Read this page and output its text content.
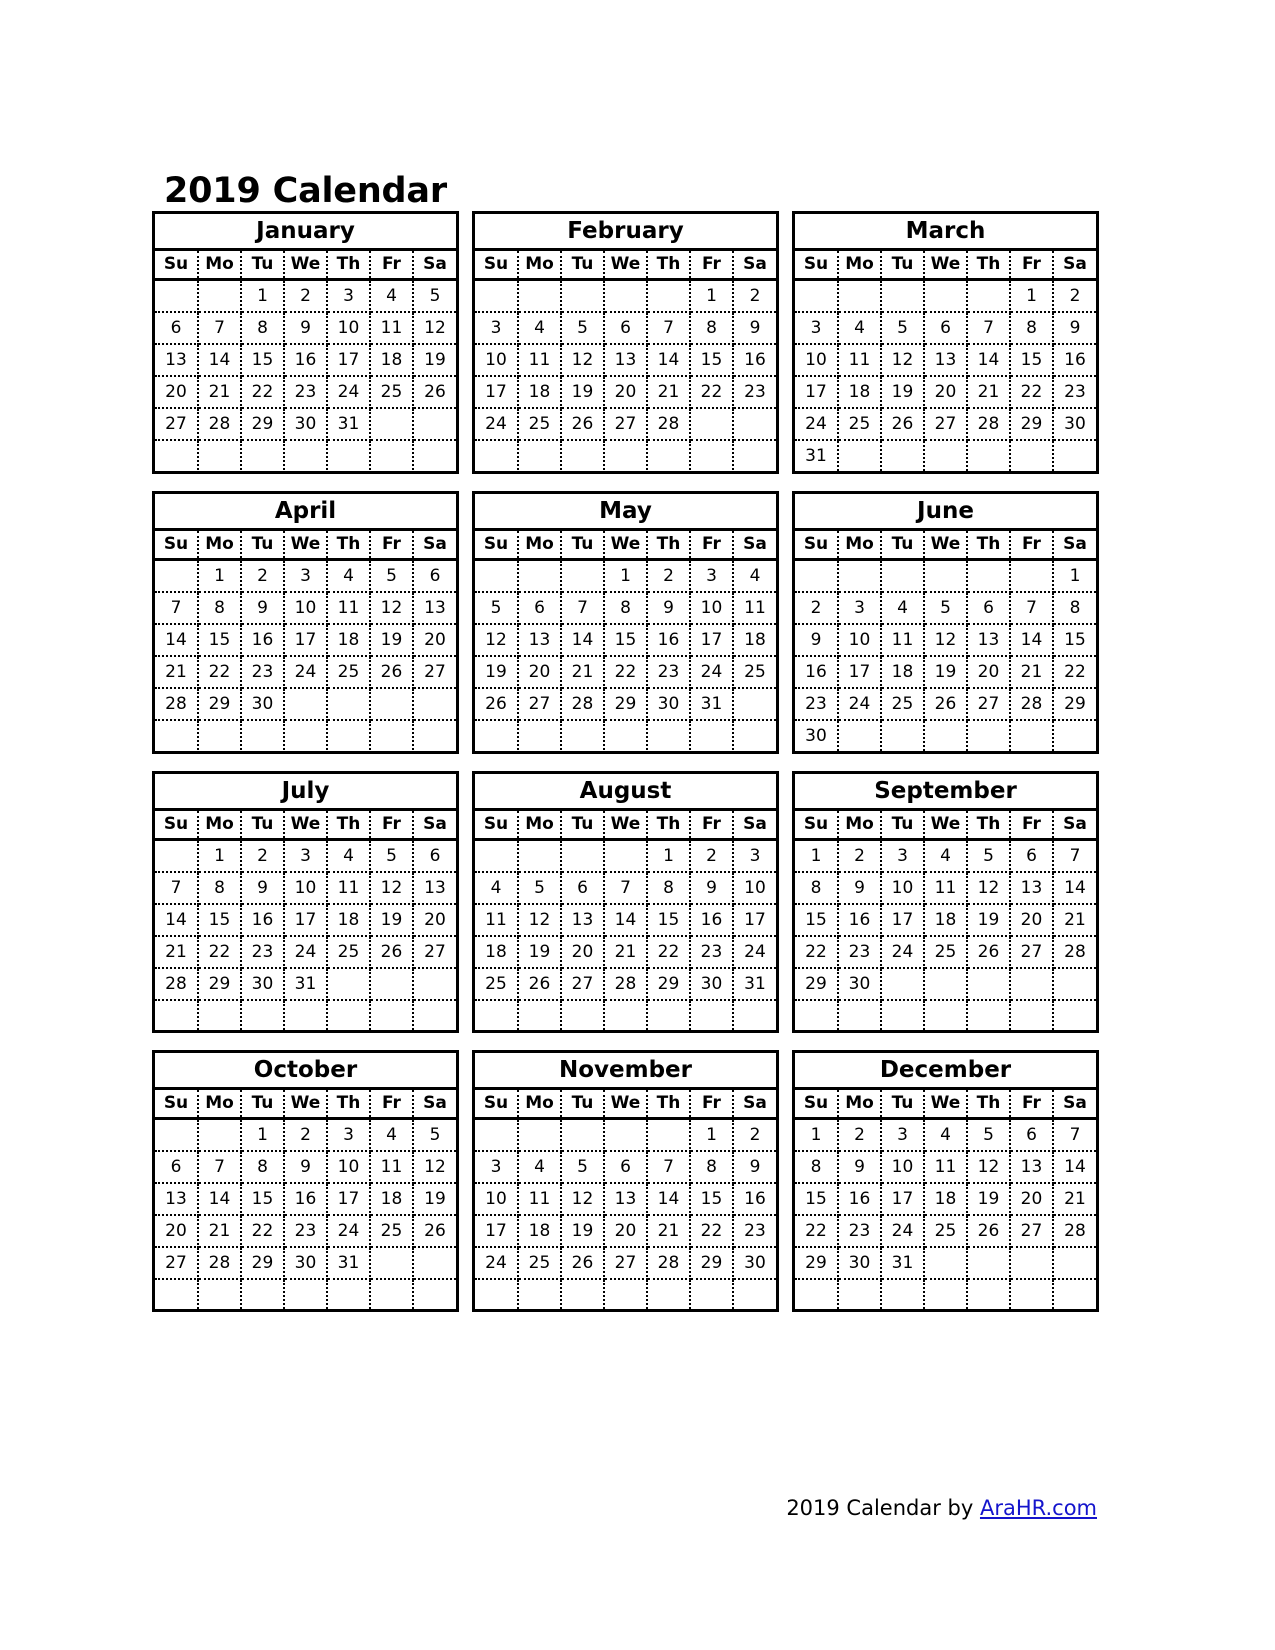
2019 Calendar
January
Su	Mo	Tu	We	Th	Fr	Sa
		1	2	3	4	5
6	7	8	9	10	11	12
13	14	15	16	17	18	19
20	21	22	23	24	25	26
27	28	29	30	31		

February
Su	Mo	Tu	We	Th	Fr	Sa
					1	2
3	4	5	6	7	8	9
10	11	12	13	14	15	16
17	18	19	20	21	22	23
24	25	26	27	28		

March
Su	Mo	Tu	We	Th	Fr	Sa
					1	2
3	4	5	6	7	8	9
10	11	12	13	14	15	16
17	18	19	20	21	22	23
24	25	26	27	28	29	30
31						
April
Su	Mo	Tu	We	Th	Fr	Sa
	1	2	3	4	5	6
7	8	9	10	11	12	13
14	15	16	17	18	19	20
21	22	23	24	25	26	27
28	29	30				

May
Su	Mo	Tu	We	Th	Fr	Sa
			1	2	3	4
5	6	7	8	9	10	11
12	13	14	15	16	17	18
19	20	21	22	23	24	25
26	27	28	29	30	31	

June
Su	Mo	Tu	We	Th	Fr	Sa
						1
2	3	4	5	6	7	8
9	10	11	12	13	14	15
16	17	18	19	20	21	22
23	24	25	26	27	28	29
30						
July
Su	Mo	Tu	We	Th	Fr	Sa
	1	2	3	4	5	6
7	8	9	10	11	12	13
14	15	16	17	18	19	20
21	22	23	24	25	26	27
28	29	30	31			

August
Su	Mo	Tu	We	Th	Fr	Sa
				1	2	3
4	5	6	7	8	9	10
11	12	13	14	15	16	17
18	19	20	21	22	23	24
25	26	27	28	29	30	31

September
Su	Mo	Tu	We	Th	Fr	Sa
1	2	3	4	5	6	7
8	9	10	11	12	13	14
15	16	17	18	19	20	21
22	23	24	25	26	27	28
29	30					

October
Su	Mo	Tu	We	Th	Fr	Sa
		1	2	3	4	5
6	7	8	9	10	11	12
13	14	15	16	17	18	19
20	21	22	23	24	25	26
27	28	29	30	31		

November
Su	Mo	Tu	We	Th	Fr	Sa
					1	2
3	4	5	6	7	8	9
10	11	12	13	14	15	16
17	18	19	20	21	22	23
24	25	26	27	28	29	30

December
Su	Mo	Tu	We	Th	Fr	Sa
1	2	3	4	5	6	7
8	9	10	11	12	13	14
15	16	17	18	19	20	21
22	23	24	25	26	27	28
29	30	31				

2019 Calendar by AraHR.com
